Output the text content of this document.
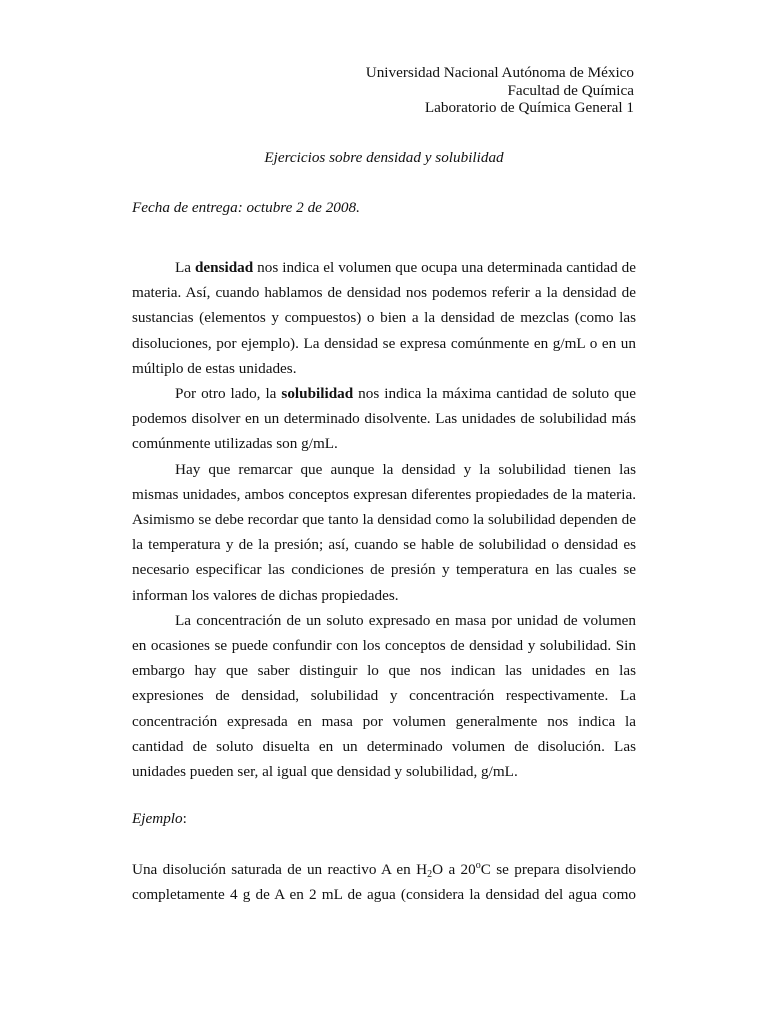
Universidad Nacional Autónoma de México
Facultad de Química
Laboratorio de Química General 1
Ejercicios sobre densidad y solubilidad
Fecha de entrega: octubre 2 de 2008.

La densidad nos indica el volumen que ocupa una determinada cantidad de materia. Así, cuando hablamos de densidad nos podemos referir a la densidad de sustancias (elementos y compuestos) o bien a la densidad de mezclas (como las disoluciones, por ejemplo). La densidad se expresa comúnmente en g/mL o en un múltiplo de estas unidades.

Por otro lado, la solubilidad nos indica la máxima cantidad de soluto que podemos disolver en un determinado disolvente. Las unidades de solubilidad más comúnmente utilizadas son g/mL.

Hay que remarcar que aunque la densidad y la solubilidad tienen las mismas unidades, ambos conceptos expresan diferentes propiedades de la materia. Asimismo se debe recordar que tanto la densidad como la solubilidad dependen de la temperatura y de la presión; así, cuando se hable de solubilidad o densidad es necesario especificar las condiciones de presión y temperatura en las cuales se informan los valores de dichas propiedades.

La concentración de un soluto expresado en masa por unidad de volumen en ocasiones se puede confundir con los conceptos de densidad y solubilidad. Sin embargo hay que saber distinguir lo que nos indican las unidades en las expresiones de densidad, solubilidad y concentración respectivamente. La concentración expresada en masa por volumen generalmente nos indica la cantidad de soluto disuelta en un determinado volumen de disolución. Las unidades pueden ser, al igual que densidad y solubilidad, g/mL.

Ejemplo:

Una disolución saturada de un reactivo A en $H_2O$ a 20$^o$C se prepara disolviendo completamente 4 g de A en 2 mL de agua (considera la densidad del agua como
